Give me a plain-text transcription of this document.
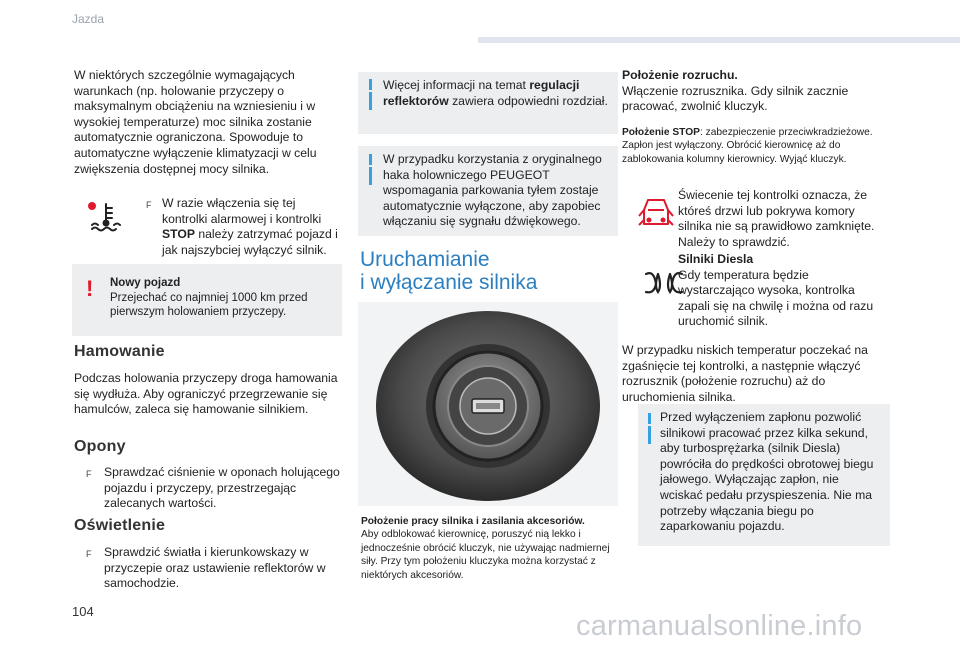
Jazda

W niektórych szczególnie wymagających warunkach (np. holowanie przyczepy o maksymalnym obciążeniu na wzniesieniu i w wysokiej temperaturze) moc silnika zostanie automatycznie ograniczona. Spowoduje to automatyczne wyłączenie klimatyzacji w celu zwiększenia dostępnej mocy silnika.

F W razie włączenia się tej kontrolki alarmowej i kontrolki STOP należy zatrzymać pojazd i jak najszybciej wyłączyć silnik.

! Nowy pojazd
Przejechać co najmniej 1000 km przed pierwszym holowaniem przyczepy.

Hamowanie

Podczas holowania przyczepy droga hamowania się wydłuża. Aby ograniczyć przegrzewanie się hamulców, zaleca się hamowanie silnikiem.

Opony
F Sprawdzać ciśnienie w oponach holującego pojazdu i przyczepy, przestrzegając zalecanych wartości.

Oświetlenie
F Sprawdzić światła i kierunkowskazy w przyczepie oraz ustawienie reflektorów w samochodzie.

Więcej informacji na temat regulacji reflektorów zawiera odpowiedni rozdział.

W przypadku korzystania z oryginalnego haka holowniczego PEUGEOT wspomagania parkowania tyłem zostaje automatycznie wyłączone, aby zapobiec włączaniu się sygnału dźwiękowego.

Uruchamianie
i wyłączanie silnika

Położenie pracy silnika i zasilania akcesoriów.
Aby odblokować kierownicę, poruszyć nią lekko i jednocześnie obrócić kluczyk, nie używając nadmiernej siły. Przy tym położeniu kluczyka można korzystać z niektórych akcesoriów.

Położenie rozruchu.
Włączenie rozrusznika. Gdy silnik zacznie pracować, zwolnić kluczyk.

Położenie STOP: zabezpieczenie przeciwkradzieżowe. Zapłon jest wyłączony. Obrócić kierownicę aż do zablokowania kolumny kierownicy. Wyjąć kluczyk.

Świecenie tej kontrolki oznacza, że któreś drzwi lub pokrywa komory silnika nie są prawidłowo zamknięte. Należy to sprawdzić.

Silniki Diesla
Gdy temperatura będzie wystarczająco wysoka, kontrolka zapali się na chwilę i można od razu uruchomić silnik.

W przypadku niskich temperatur poczekać na zgaśnięcie tej kontrolki, a następnie włączyć rozrusznik (położenie rozruchu) aż do uruchomienia silnika.

Przed wyłączeniem zapłonu pozwolić silnikowi pracować przez kilka sekund, aby turbosprężarka (silnik Diesla) powróciła do prędkości obrotowej biegu jałowego. Wyłączając zapłon, nie wciskać pedału przyspieszenia. Nie ma potrzeby włączania biegu po zaparkowaniu pojazdu.

104	carmanualsonline.info
